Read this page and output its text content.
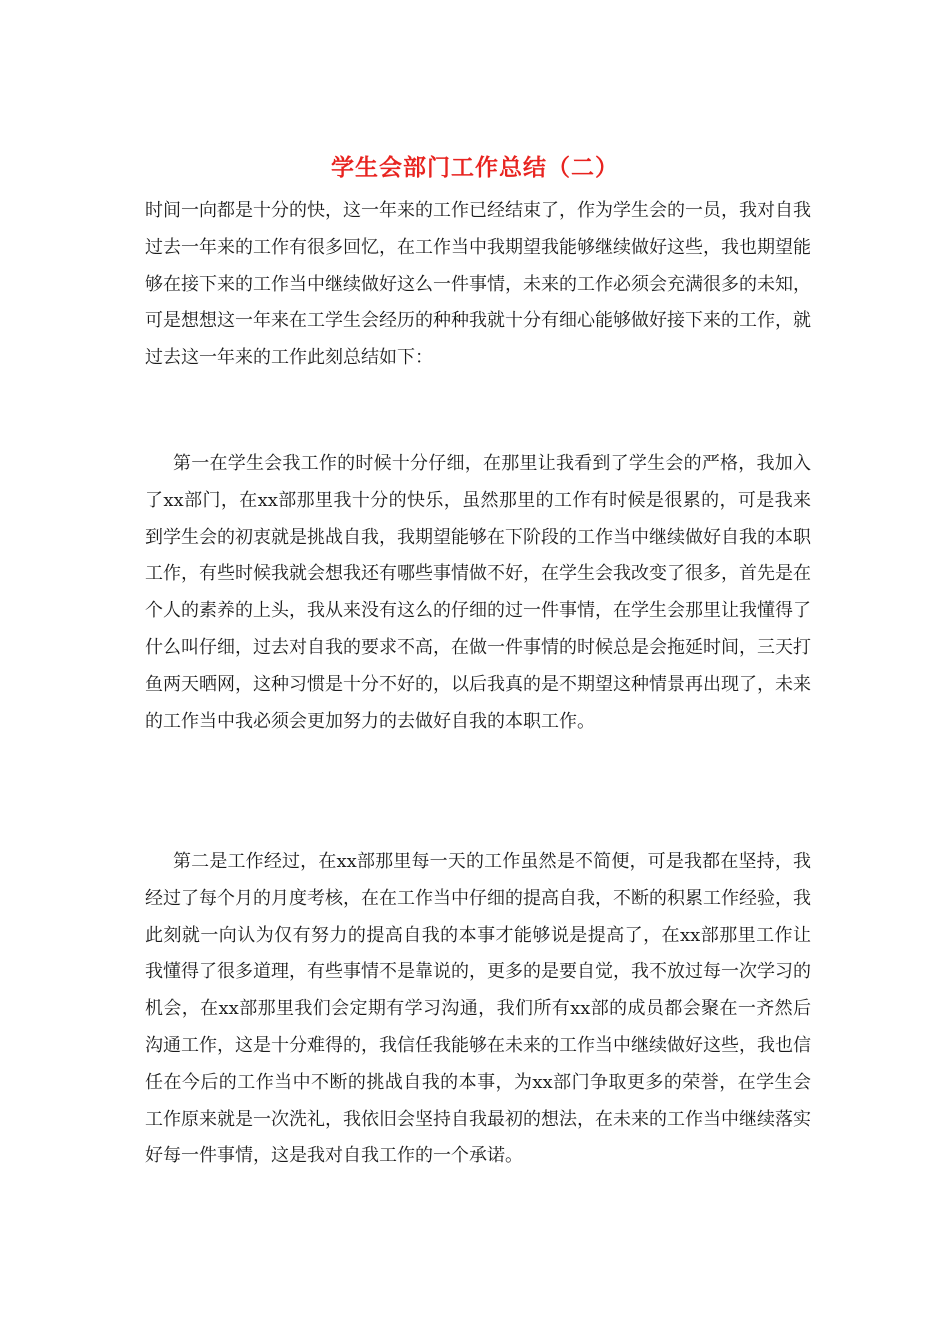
学生会部门工作总结（二）

时间一向都是十分的快，这一年来的工作已经结束了，作为学生会的一员，我对自我过去一年来的工作有很多回忆，在工作当中我期望我能够继续做好这些，我也期望能够在接下来的工作当中继续做好这么一件事情，未来的工作必须会充满很多的未知，可是想想这一年来在工学生会经历的种种我就十分有细心能够做好接下来的工作，就过去这一年来的工作此刻总结如下：

第一在学生会我工作的时候十分仔细，在那里让我看到了学生会的严格，我加入了xx部门，在xx部那里我十分的快乐，虽然那里的工作有时候是很累的，可是我来到学生会的初衷就是挑战自我，我期望能够在下阶段的工作当中继续做好自我的本职工作，有些时候我就会想我还有哪些事情做不好，在学生会我改变了很多，首先是在个人的素养的上头，我从来没有这么的仔细的过一件事情，在学生会那里让我懂得了什么叫仔细，过去对自我的要求不高，在做一件事情的时候总是会拖延时间，三天打鱼两天晒网，这种习惯是十分不好的，以后我真的是不期望这种情景再出现了，未来的工作当中我必须会更加努力的去做好自我的本职工作。

第二是工作经过，在xx部那里每一天的工作虽然是不简便，可是我都在坚持，我经过了每个月的月度考核，在在工作当中仔细的提高自我，不断的积累工作经验，我此刻就一向认为仅有努力的提高自我的本事才能够说是提高了，在xx部那里工作让我懂得了很多道理，有些事情不是靠说的，更多的是要自觉，我不放过每一次学习的机会，在xx部那里我们会定期有学习沟通，我们所有xx部的成员都会聚在一齐然后沟通工作，这是十分难得的，我信任我能够在未来的工作当中继续做好这些，我也信任在今后的工作当中不断的挑战自我的本事，为xx部门争取更多的荣誉，在学生会工作原来就是一次洗礼，我依旧会坚持自我最初的想法，在未来的工作当中继续落实好每一件事情，这是我对自我工作的一个承诺。
